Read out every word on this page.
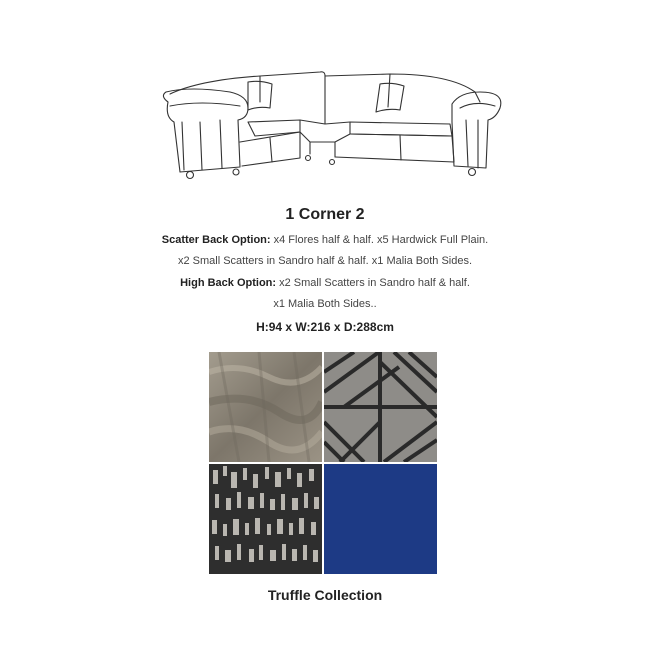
1 Corner 2
Scatter Back Option: x4 Flores half & half. x5 Hardwick Full Plain.
x2 Small Scatters in Sandro half & half. x1 Malia Both Sides.
High Back Option: x2 Small Scatters in Sandro half & half.
x1 Malia Both Sides..
H:94 x W:216 x D:288cm
Truffle Collection
